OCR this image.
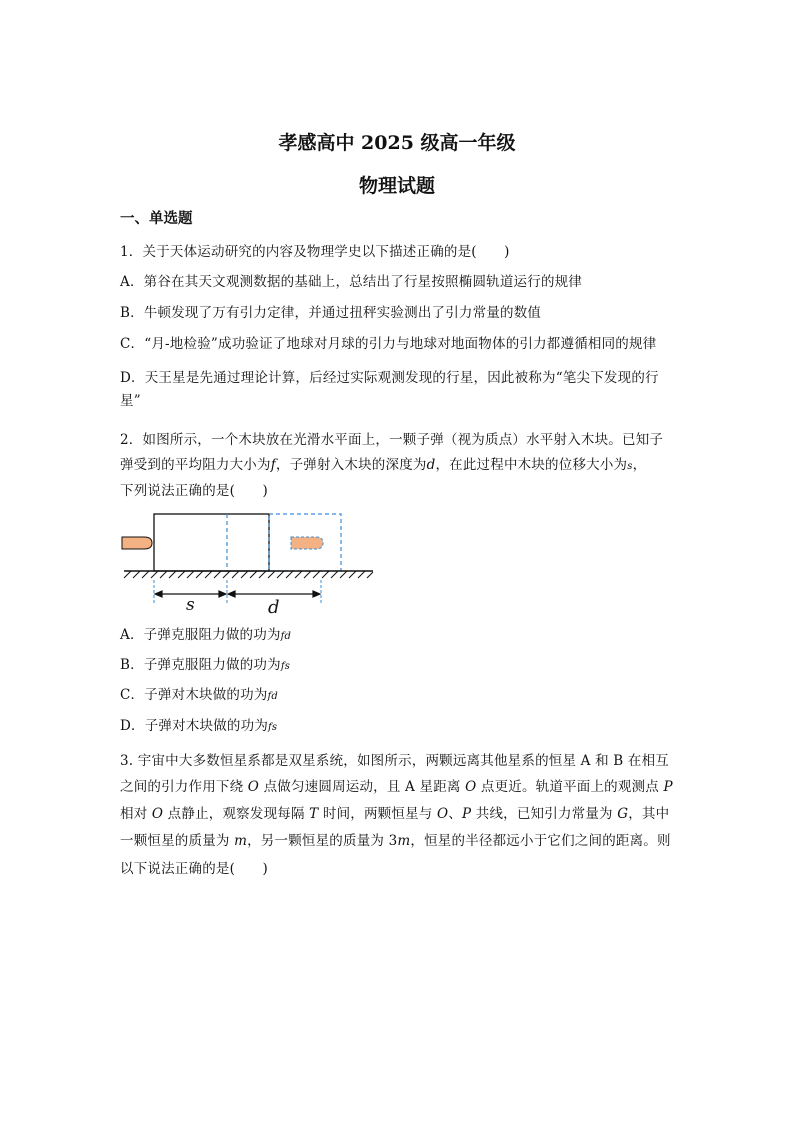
孝感高中 2025 级高一年级
物理试题
一、单选题
1．关于天体运动研究的内容及物理学史以下描述正确的是(　　)
A．第谷在其天文观测数据的基础上，总结出了行星按照椭圆轨道运行的规律
B．牛顿发现了万有引力定律，并通过扭秤实验测出了引力常量的数值
C．“月-地检验”成功验证了地球对月球的引力与地球对地面物体的引力都遵循相同的规律
D．天王星是先通过理论计算，后经过实际观测发现的行星，因此被称为“笔尖下发现的行
星”
2．如图所示，一个木块放在光滑水平面上，一颗子弹（视为质点）水平射入木块。已知子
弹受到的平均阻力大小为f，子弹射入木块的深度为d，在此过程中木块的位移大小为s，
下列说法正确的是(　　)
s	d
A．子弹克服阻力做的功为fd
B．子弹克服阻力做的功为fs
C．子弹对木块做的功为fd
D．子弹对木块做的功为fs
3. 宇宙中大多数恒星系都是双星系统，如图所示，两颗远离其他星系的恒星 A 和 B 在相互
之间的引力作用下绕 O 点做匀速圆周运动，且 A 星距离 O 点更近。轨道平面上的观测点 P
相对 O 点静止，观察发现每隔 T 时间，两颗恒星与 O、P 共线，已知引力常量为 G，其中
一颗恒星的质量为 m，另一颗恒星的质量为 3m，恒星的半径都远小于它们之间的距离。则
以下说法正确的是(　　)
